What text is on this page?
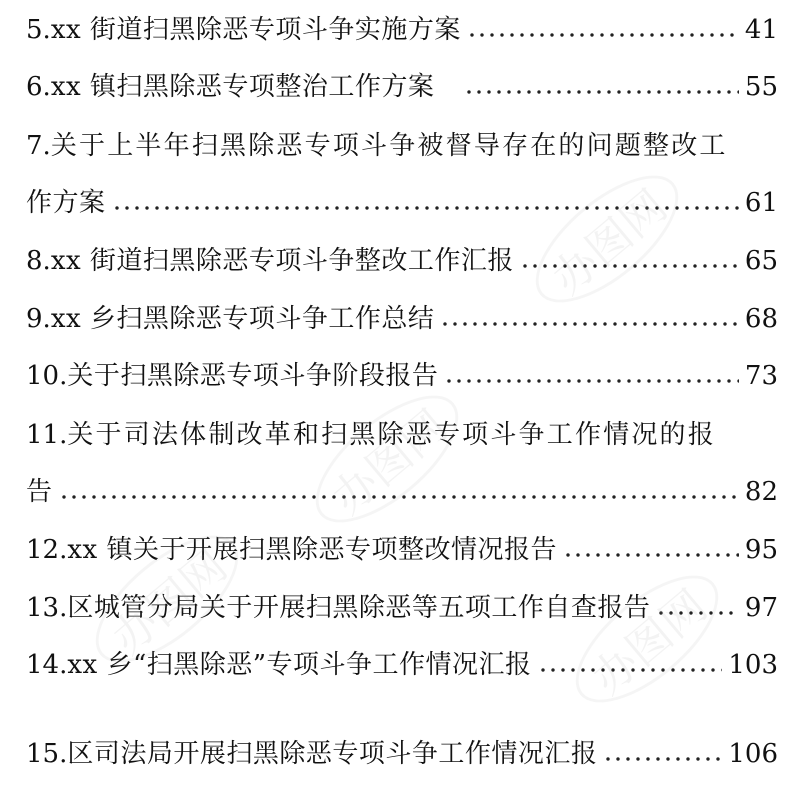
5. xx 街道扫黑除恶专项斗争实施方案	41
6. xx 镇扫黑除恶专项整治工作方案	55
7. 关于上半年扫黑除恶专项斗争被督导存在的问题整改工
作方案	61
8. xx 街道扫黑除恶专项斗争整改工作汇报	65
9. xx 乡扫黑除恶专项斗争工作总结	68
10. 关于扫黑除恶专项斗争阶段报告	73
11. 关于司法体制改革和扫黑除恶专项斗争工作情况的报
告	82
12. xx 镇关于开展扫黑除恶专项整改情况报告	95
13. 区城管分局关于开展扫黑除恶等五项工作自查报告	97
14. xx 乡“扫黑除恶”专项斗争工作情况汇报	103
15. 区司法局开展扫黑除恶专项斗争工作情况汇报	106
办图网
办图网
办图网
办图网
